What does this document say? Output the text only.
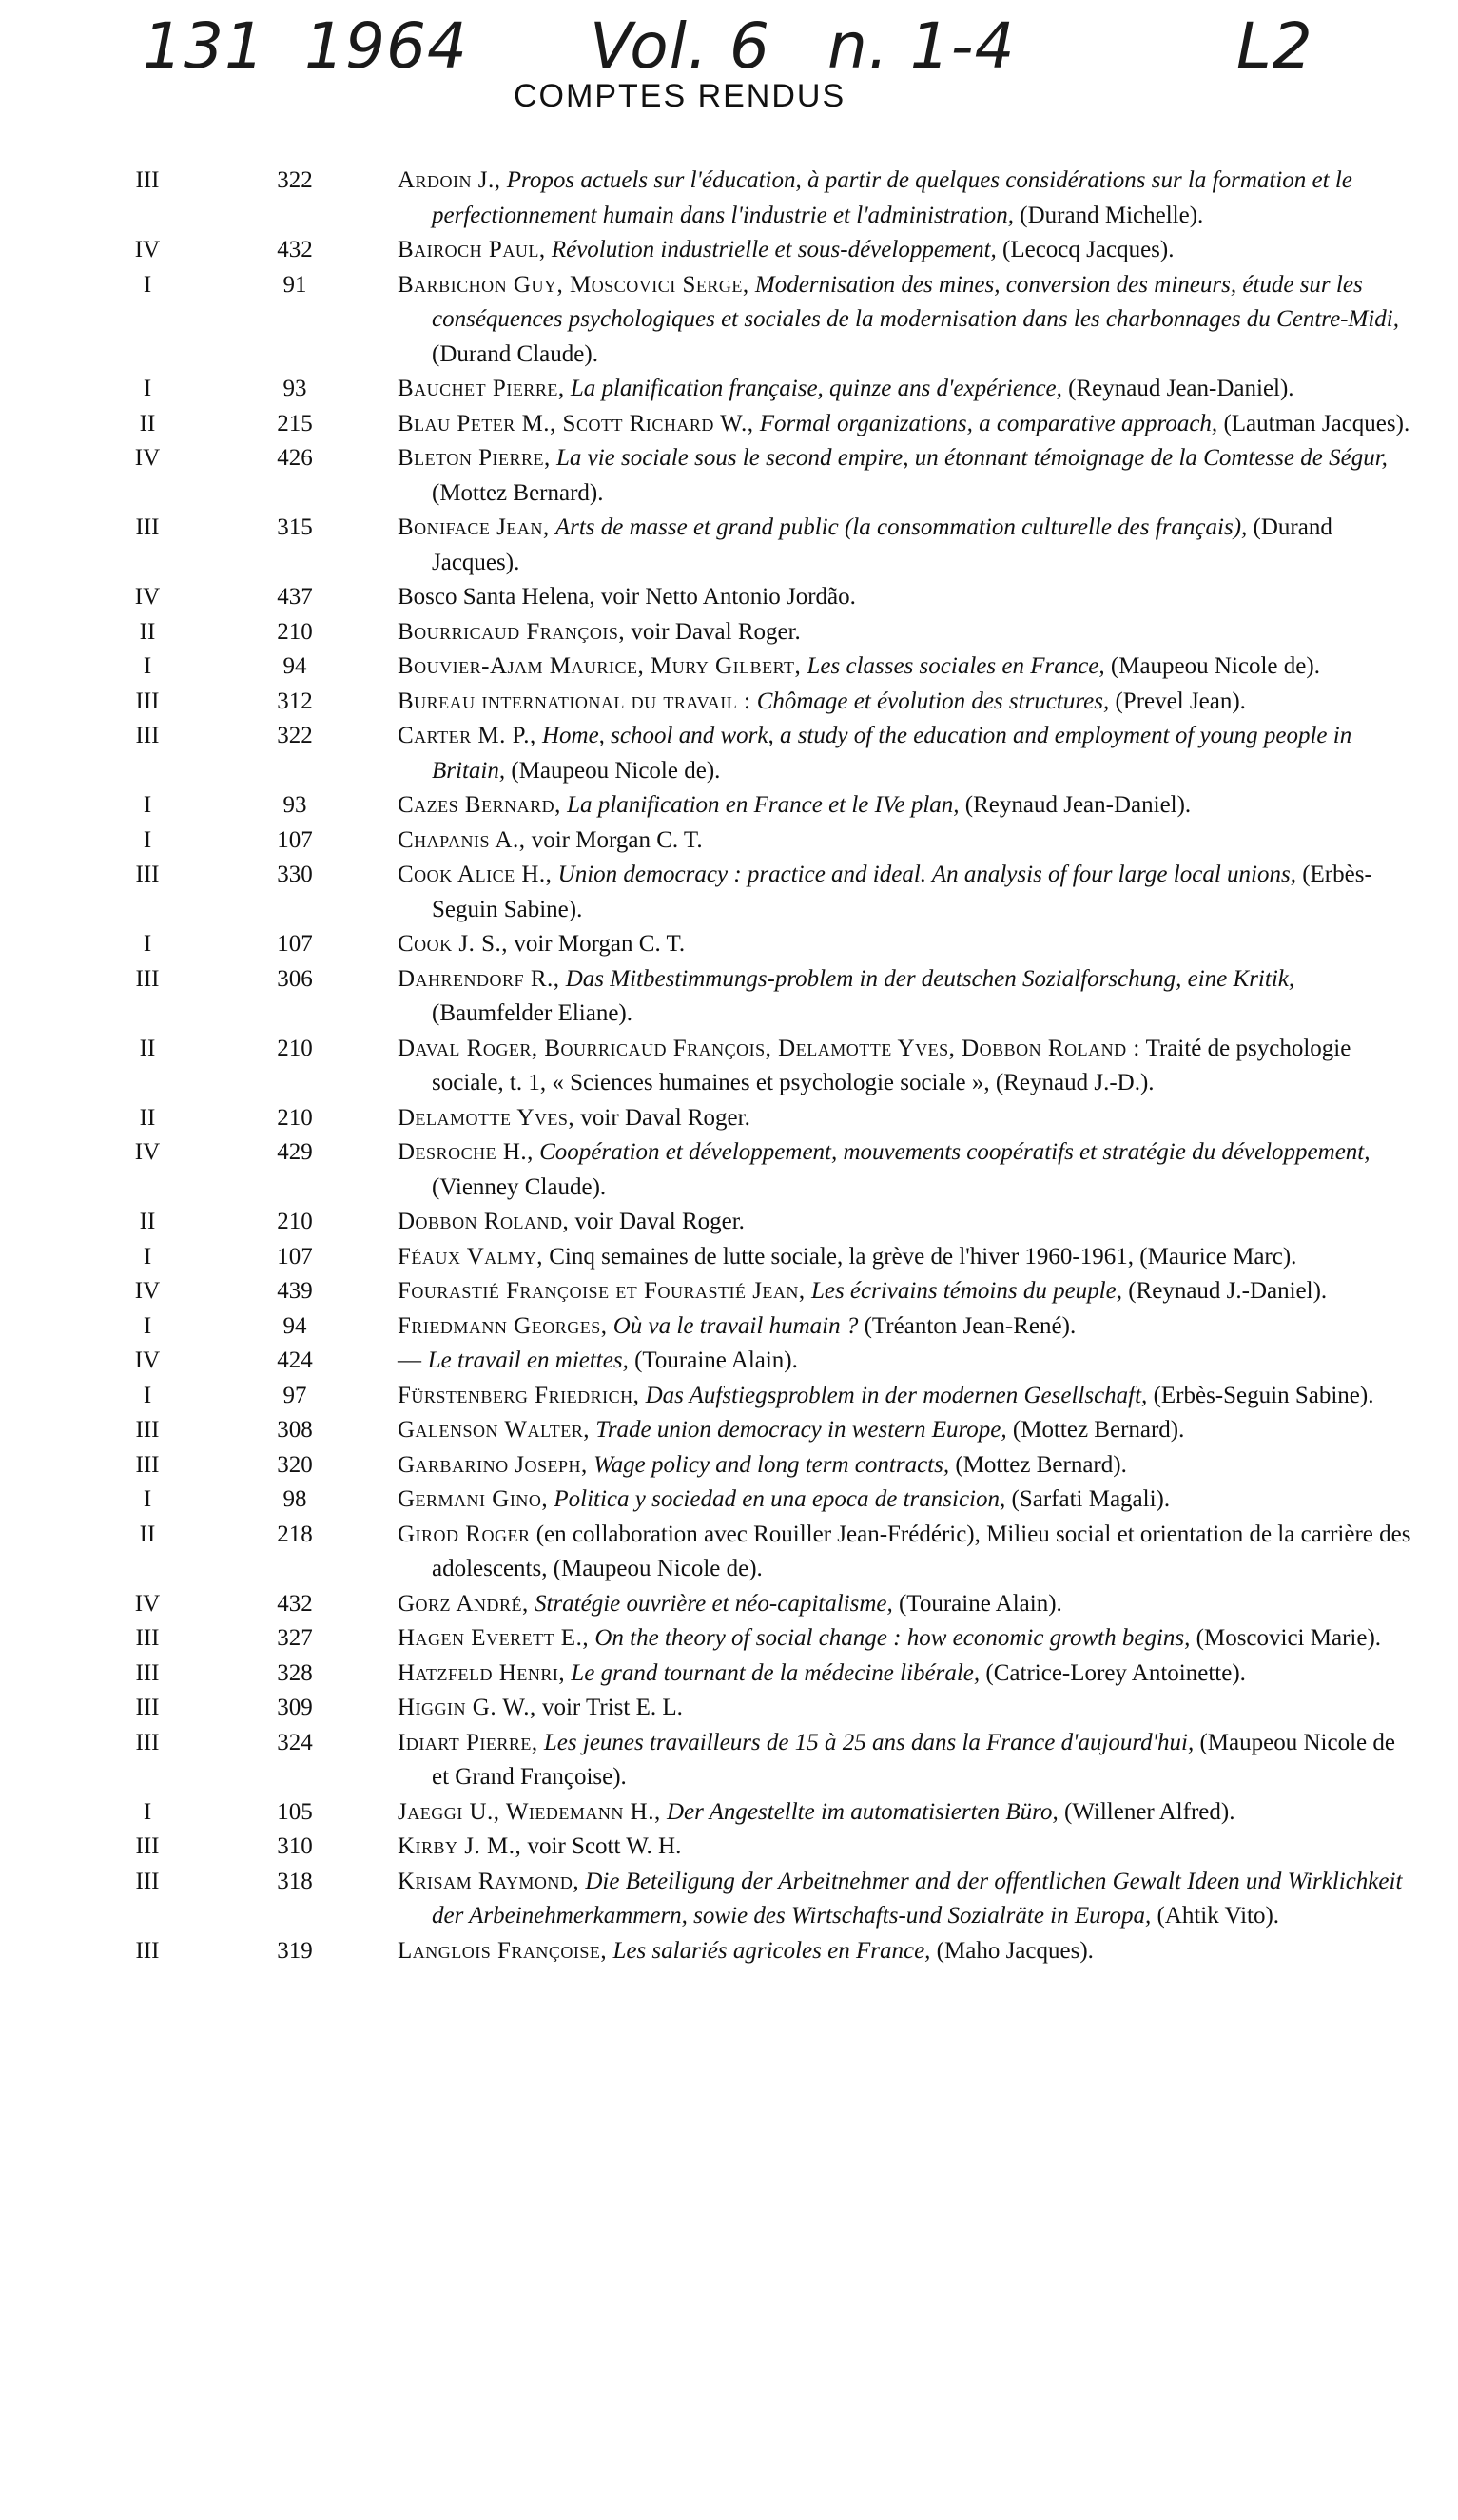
131 1964 Vol. 6 n. 1-4	L2
COMPTES RENDUS
III	322	Ardoin J., Propos actuels sur l'éducation, à partir de quelques considérations sur la formation et le perfectionnement humain dans l'industrie et l'administration, (Durand Michelle).
IV	432	Bairoch Paul, Révolution industrielle et sous-développement, (Lecocq Jacques).
I	91	Barbichon Guy, Moscovici Serge, Modernisation des mines, conversion des mineurs, étude sur les conséquences psychologiques et sociales de la modernisation dans les charbonnages du Centre-Midi, (Durand Claude).
I	93	Bauchet Pierre, La planification française, quinze ans d'expérience, (Reynaud Jean-Daniel).
II	215	Blau Peter M., Scott Richard W., Formal organizations, a comparative approach, (Lautman Jacques).
IV	426	Bleton Pierre, La vie sociale sous le second empire, un étonnant témoignage de la Comtesse de Ségur, (Mottez Bernard).
III	315	Boniface Jean, Arts de masse et grand public (la consommation culturelle des français), (Durand Jacques).
IV	437	Bosco Santa Helena, voir Netto Antonio Jordão.
II	210	Bourricaud François, voir Daval Roger.
I	94	Bouvier-Ajam Maurice, Mury Gilbert, Les classes sociales en France, (Maupeou Nicole de).
III	312	Bureau international du travail : Chômage et évolution des structures, (Prevel Jean).
III	322	Carter M. P., Home, school and work, a study of the education and employment of young people in Britain, (Maupeou Nicole de).
I	93	Cazes Bernard, La planification en France et le IVe plan, (Reynaud Jean-Daniel).
I	107	Chapanis A., voir Morgan C. T.
III	330	Cook Alice H., Union democracy : practice and ideal. An analysis of four large local unions, (Erbès-Seguin Sabine).
I	107	Cook J. S., voir Morgan C. T.
III	306	Dahrendorf R., Das Mitbestimmungs-problem in der deutschen Sozialforschung, eine Kritik, (Baumfelder Eliane).
II	210	Daval Roger, Bourricaud François, Delamotte Yves, Dobbon Roland : Traité de psychologie sociale, t. 1, « Sciences humaines et psychologie sociale », (Reynaud J.-D.).
II	210	Delamotte Yves, voir Daval Roger.
IV	429	Desroche H., Coopération et développement, mouvements coopératifs et stratégie du développement, (Vienney Claude).
II	210	Dobbon Roland, voir Daval Roger.
I	107	Féaux Valmy, Cinq semaines de lutte sociale, la grève de l'hiver 1960-1961, (Maurice Marc).
IV	439	Fourastié Françoise et Fourastié Jean, Les écrivains témoins du peuple, (Reynaud J.-Daniel).
I	94	Friedmann Georges, Où va le travail humain ? (Tréanton Jean-René).
IV	424	— Le travail en miettes, (Touraine Alain).
I	97	Fürstenberg Friedrich, Das Aufstiegsproblem in der modernen Gesellschaft, (Erbès-Seguin Sabine).
III	308	Galenson Walter, Trade union democracy in western Europe, (Mottez Bernard).
III	320	Garbarino Joseph, Wage policy and long term contracts, (Mottez Bernard).
I	98	Germani Gino, Politica y sociedad en una epoca de transicion, (Sarfati Magali).
II	218	Girod Roger (en collaboration avec Rouiller Jean-Frédéric), Milieu social et orientation de la carrière des adolescents, (Maupeou Nicole de).
IV	432	Gorz André, Stratégie ouvrière et néo-capitalisme, (Touraine Alain).
III	327	Hagen Everett E., On the theory of social change : how economic growth begins, (Moscovici Marie).
III	328	Hatzfeld Henri, Le grand tournant de la médecine libérale, (Catrice-Lorey Antoinette).
III	309	Higgin G. W., voir Trist E. L.
III	324	Idiart Pierre, Les jeunes travailleurs de 15 à 25 ans dans la France d'aujourd'hui, (Maupeou Nicole de et Grand Françoise).
I	105	Jaeggi U., Wiedemann H., Der Angestellte im automatisierten Büro, (Willener Alfred).
III	310	Kirby J. M., voir Scott W. H.
III	318	Krisam Raymond, Die Beteiligung der Arbeitnehmer and der offentlichen Gewalt Ideen und Wirklichkeit der Arbeinehmerkammern, sowie des Wirtschafts-und Sozialräte in Europa, (Ahtik Vito).
III	319	Langlois Françoise, Les salariés agricoles en France, (Maho Jacques).
